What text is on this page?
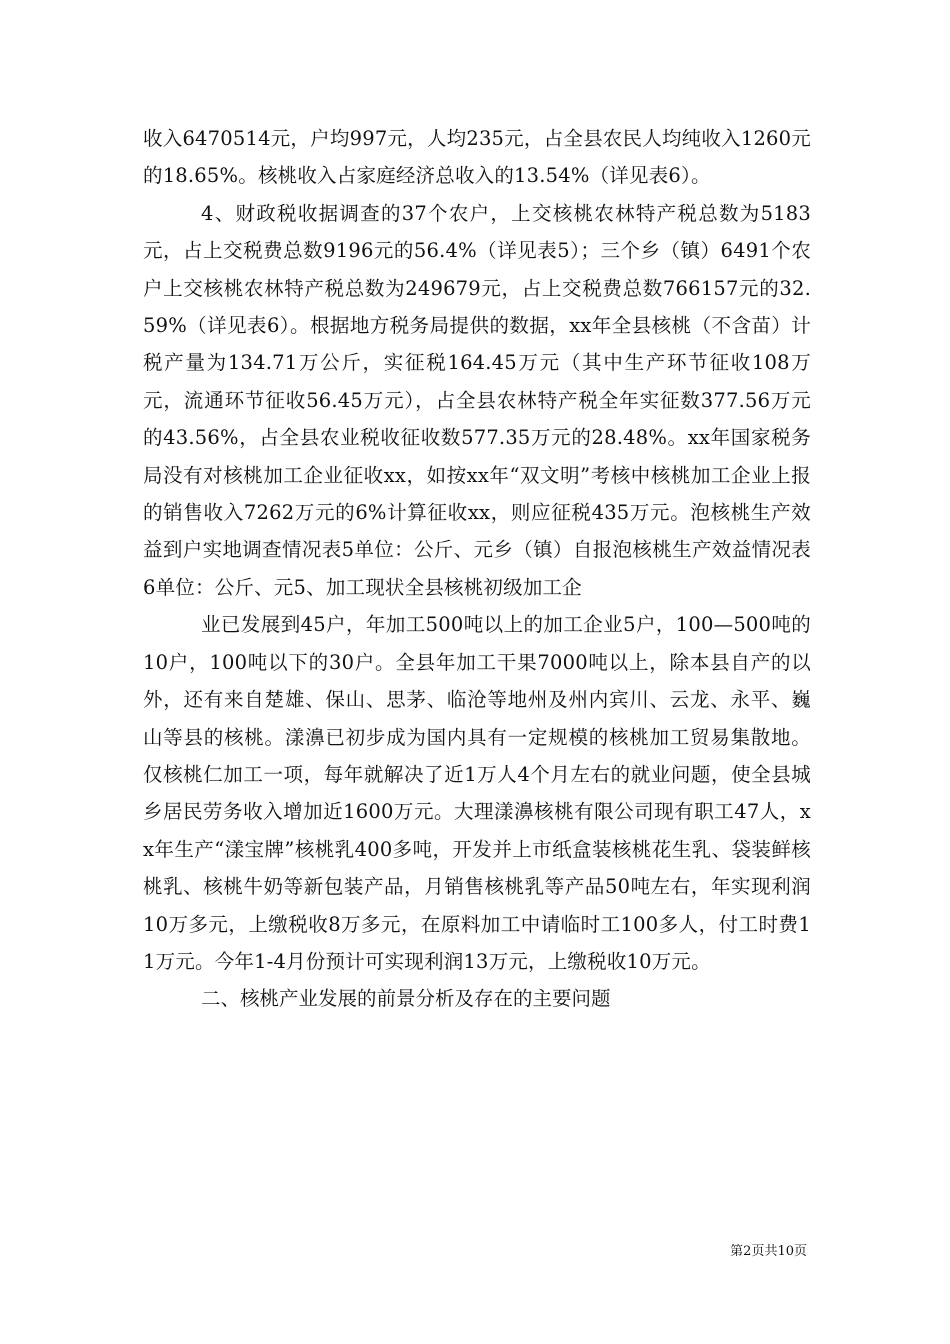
收入6470514元，户均997元，人均235元，占全县农民人均纯收入1260元的18.65%。核桃收入占家庭经济总收入的13.54%（详见表6）。

4、财政税收据调查的37个农户，上交核桃农林特产税总数为5183元，占上交税费总数9196元的56.4%（详见表5）；三个乡（镇）6491个农户上交核桃农林特产税总数为249679元，占上交税费总数766157元的32.59%（详见表6）。根据地方税务局提供的数据，xx年全县核桃（不含苗）计税产量为134.71万公斤，实征税164.45万元（其中生产环节征收108万元，流通环节征收56.45万元），占全县农林特产税全年实征数377.56万元的43.56%，占全县农业税收征收数577.35万元的28.48%。xx年国家税务局没有对核桃加工企业征收xx，如按xx年“双文明”考核中核桃加工企业上报的销售收入7262万元的6%计算征收xx，则应征税435万元。泡核桃生产效益到户实地调查情况表5单位：公斤、元乡（镇）自报泡核桃生产效益情况表6单位：公斤、元5、加工现状全县核桃初级加工企

业已发展到45户，年加工500吨以上的加工企业5户，100—500吨的10户，100吨以下的30户。全县年加工干果7000吨以上，除本县自产的以外，还有来自楚雄、保山、思茅、临沧等地州及州内宾川、云龙、永平、巍山等县的核桃。漾濞已初步成为国内具有一定规模的核桃加工贸易集散地。仅核桃仁加工一项，每年就解决了近1万人4个月左右的就业问题，使全县城乡居民劳务收入增加近1600万元。大理漾濞核桃有限公司现有职工47人，xx年生产“漾宝牌”核桃乳400多吨，开发并上市纸盒装核桃花生乳、袋装鲜核桃乳、核桃牛奶等新包装产品，月销售核桃乳等产品50吨左右，年实现利润10万多元，上缴税收8万多元，在原料加工中请临时工100多人，付工时费11万元。今年1-4月份预计可实现利润13万元，上缴税收10万元。

二、核桃产业发展的前景分析及存在的主要问题

第2页共10页
